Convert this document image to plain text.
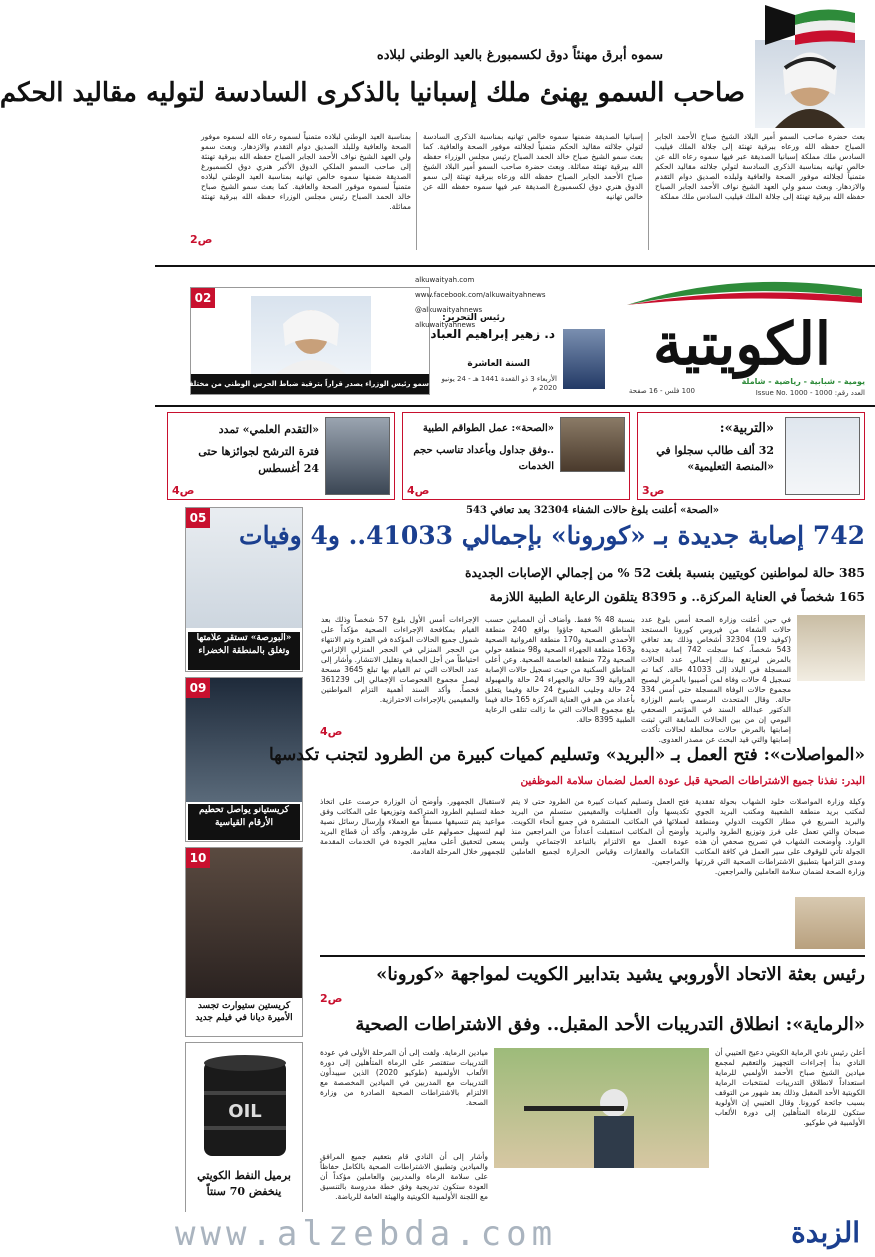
سموه أبرق مهنئاً دوق لكسمبورغ بالعيد الوطني لبلاده
صاحب السمو يهنئ ملك إسبانيا بالذكرى السادسة لتوليه مقاليد الحكم
بعث حضرة صاحب السمو أمير البلاد الشيخ صباح الأحمد الجابر الصباح حفظه الله ورعاه ببرقية تهنئة إلى جلالة الملك فيليب السادس ملك مملكة إسبانيا الصديقة عبر فيها سموه رعاه الله عن خالص تهانيه بمناسبة الذكرى السادسة لتولي جلالته مقاليد الحكم متمنياً لجلالته موفور الصحة والعافية ولبلده الصديق دوام التقدم والازدهار. وبعث سمو ولي العهد الشيخ نواف الأحمد الجابر الصباح حفظه الله ببرقية تهنئة إلى جلالة الملك فيليب السادس ملك مملكة
إسبانيا الصديقة ضمنها سموه خالص تهانيه بمناسبة الذكرى السادسة لتولي جلالته مقاليد الحكم متمنياً لجلالته موفور الصحة والعافية. كما بعث سمو الشيخ صباح خالد الحمد الصباح رئيس مجلس الوزراء حفظه الله ببرقية تهنئة مماثلة. وبعث حضرة صاحب السمو أمير البلاد الشيخ صباح الأحمد الجابر الصباح حفظه الله ورعاه ببرقية تهنئة إلى سمو الدوق هنري دوق لكسمبورغ الصديقة عبر فيها سموه حفظه الله عن خالص تهانيه
بمناسبة العيد الوطني لبلاده متمنياً لسموه رعاه الله لسموه موفور الصحة والعافية وللبلد الصديق دوام التقدم والازدهار. وبعث سمو ولي العهد الشيخ نواف الأحمد الجابر الصباح حفظه الله ببرقية تهنئة إلى صاحب السمو الملكي الدوق الأكبر هنري دوق لكسمبورغ الصديقة ضمنها سموه خالص تهانيه بمناسبة العيد الوطني لبلاده متمنياً لسموه موفور الصحة والعافية. كما بعث سمو الشيخ صباح خالد الحمد الصباح رئيس مجلس الوزراء حفظه الله ببرقية تهنئة مماثلة.
ص2
الكويتية
يومية - شبابية - رياضية - شاملة
العدد رقم: 1000 - Issue No. 1000
100 فلس - 16 صفحة
رئيس التحرير:
د. زهير إبراهيم العباد
السنة العاشرة
الأربعاء 3 ذو القعدة 1441 هـ - 24 يونيو 2020 م
alkuwaityah.com
www.facebook.com/alkuwaityahnews
@alkuwaityahnews
alkuwaityahnews
02
سمو رئيس الوزراء يصدر قراراً بترقية ضباط الحرس الوطني من مختلف الرتب
«التربية»:
32 ألف طالب سجلوا في «المنصة التعليمية»
ص3
«الصحة»: عمل الطواقم الطبية
..وفق جداول وبأعداد تناسب حجم الخدمات
ص4
«التقدم العلمي» تمدد
فترة الترشح لجوائزها حتى 24 أغسطس
ص4
05
«البورصة» تستقر علامتها وتغلق بالمنطقة الخضراء
09
كريستيانو يواصل تحطيم الأرقام القياسية
10
كريستين ستيوارت تجسد الأميرة ديانا في فيلم جديد
OIL
برميل النفط الكويتي ينخفض 70 سنتاً
«الصحة» أعلنت بلوغ حالات الشفاء 32304 بعد تعافي 543
742 إصابة جديدة بـ «كورونا» بإجمالي 41033.. و4 وفيات
385 حالة لمواطنين كويتيين بنسبة بلغت 52 % من إجمالي الإصابات الجديدة
165 شخصاً في العناية المركزة.. و 8395 يتلقون الرعاية الطبية اللازمة
في حين أعلنت وزارة الصحة أمس بلوغ عدد حالات الشفاء من فيروس كورونا المستجد (كوفيد 19) 32304 أشخاص وذلك بعد تعافي 543 شخصاً، كما سجلت 742 إصابة جديدة بالمرض ليرتفع بذلك إجمالي عدد الحالات المسجلة في البلاد إلى 41033 حالة. كما تم تسجيل 4 حالات وفاة لمن أصيبوا بالمرض ليصبح مجموع حالات الوفاة المسجلة حتى أمس 334 حالة. وقال المتحدث الرسمي باسم الوزارة الدكتور عبدالله السند في المؤتمر الصحفي اليومي إن من بين الحالات السابقة التي ثبتت إصابتها بالمرض حالات مخالطة لحالات تأكدت إصابتها والتي قيد البحث عن مصدر العدوى.
بنسبة 48 % فقط. وأضاف أن المصابين حسب المناطق الصحية جاؤوا بواقع 240 منطقة الأحمدي الصحية و170 منطقة الفروانية الصحية و163 منطقة الجهراء الصحية و98 منطقة حولي الصحية و72 منطقة العاصمة الصحية. وعن أعلى المناطق السكنية من حيث تسجيل حالات الإصابة الفروانية 39 حالة والجهراء 24 حالة والمهبولة 24 حالة وجليب الشيوخ 24 حالة وفيما يتعلق بأعداد من هم في العناية المركزة 165 حالة فيما بلغ مجموع الحالات التي ما زالت تتلقى الرعاية الطبية 8395 حالة.
الإجراءات أمس الأول بلوغ 57 شخصاً وذلك بعد القيام بمكافحة الإجراءات الصحية مؤكداً على شمول جميع الحالات المؤكدة في الفترة وتم الانتهاء من الحجر المنزلي في الحجر المنزلي الإلزامي احتياطاً من أجل الحماية وتقليل الانتشار. وأشار إلى عدد الحالات التي تم القيام بها تبلغ 3645 مسحة ليصل مجموع الفحوصات الإجمالي إلى 361239 فحصاً. وأكد السند أهمية التزام المواطنين والمقيمين بالإجراءات الاحترازية.
ص4
«المواصلات»: فتح العمل بـ «البريد» وتسليم كميات كبيرة من الطرود لتجنب تكدسها
البدر: نفذنا جميع الاشتراطات الصحية قبل عودة العمل لضمان سلامة الموظفين
وكيلة وزارة المواصلات خلود الشهاب بحولة تفقدية لمكتب بريد منطقة الشعيبة ومكتب البريد الجوي والبريد السريع في مطار الكويت الدولي ومنطقة صبحان والتي تعمل على فرز وتوزيع الطرود والبريد الوارد. وأوضحت الشهاب في تصريح صحفي أن هذه الجولة تأتي للوقوف على سير العمل في كافة المكاتب ومدى التزامها بتطبيق الاشتراطات الصحية التي قررتها وزارة الصحة لضمان سلامة العاملين والمراجعين.
فتح العمل وتسليم كميات كبيرة من الطرود حتى لا يتم تكديسها وأن العمليات والمقيمين ستسلم من البريد لعملائها في المكاتب المنتشرة في جميع أنحاء الكويت. وأوضح أن المكاتب استقبلت أعداداً من المراجعين منذ عودة العمل مع الالتزام بالتباعد الاجتماعي ولبس الكمامات والقفازات وقياس الحرارة لجميع العاملين والمراجعين.
لاستقبال الجمهور. وأوضح أن الوزارة حرصت على اتخاذ خطة لتسليم الطرود المتراكمة وتوزيعها على المكاتب وفق مواعيد يتم تنسيقها مسبقاً مع العملاء وإرسال رسائل نصية لهم لتسهيل حصولهم على طرودهم. وأكد أن قطاع البريد يسعى لتحقيق أعلى معايير الجودة في الخدمات المقدمة للجمهور خلال المرحلة القادمة.
رئيس بعثة الاتحاد الأوروبي يشيد بتدابير الكويت لمواجهة «كورونا»
ص2
«الرماية»: انطلاق التدريبات الأحد المقبل.. وفق الاشتراطات الصحية
أعلن رئيس نادي الرماية الكويتي دعيج العتيبي أن النادي بدأ إجراءات التجهيز والتعقيم لمجمع ميادين الشيخ صباح الأحمد الأولمبي للرماية استعداداً لانطلاق التدريبات لمنتخبات الرماية الكويتية الأحد المقبل وذلك بعد شهور من التوقف بسبب جائحة كورونا. وقال العتيبي إن الأولوية ستكون للرماة المتأهلين إلى دورة الألعاب الأولمبية في طوكيو.
ميادين الرماية. ولفت إلى أن المرحلة الأولى في عودة التدريبات ستقتصر على الرماة المتأهلين إلى دورة الألعاب الأولمبية (طوكيو 2020) الذين سيبدأون التدريبات مع المدربين في الميادين المخصصة مع الالتزام بالاشتراطات الصحية الصادرة من وزارة الصحة.
وأشار إلى أن النادي قام بتعقيم جميع المرافق والميادين وتطبيق الاشتراطات الصحية بالكامل حفاظاً على سلامة الرماة والمدربين والعاملين مؤكداً أن العودة ستكون تدريجية وفق خطة مدروسة بالتنسيق مع اللجنة الأولمبية الكويتية والهيئة العامة للرياضة.
www.alzebda.com	الزبدة
